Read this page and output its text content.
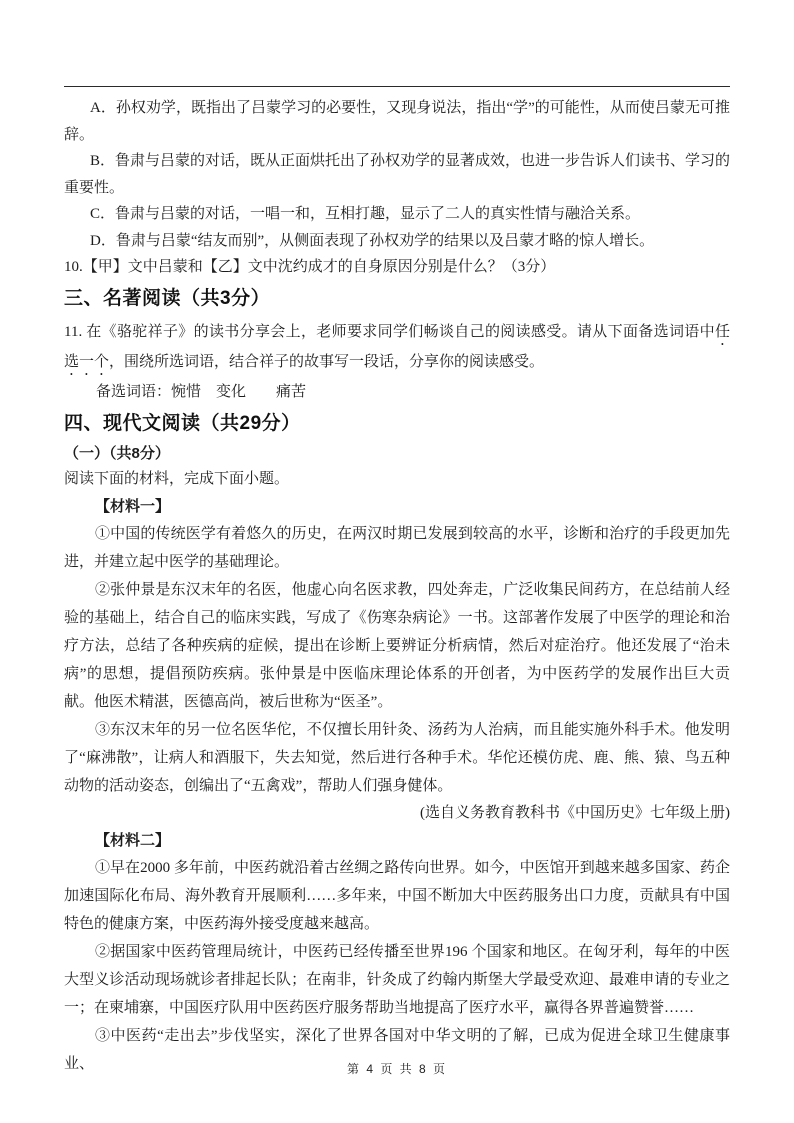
A．孙权劝学，既指出了吕蒙学习的必要性，又现身说法，指出“学”的可能性，从而使吕蒙无可推辞。

B．鲁肃与吕蒙的对话，既从正面烘托出了孙权劝学的显著成效，也进一步告诉人们读书、学习的重要性。

C．鲁肃与吕蒙的对话，一唱一和，互相打趣，显示了二人的真实性情与融洽关系。

D．鲁肃与吕蒙“结友而别”，从侧面表现了孙权劝学的结果以及吕蒙才略的惊人增长。

10.【甲】文中吕蒙和【乙】文中沈约成才的自身原因分别是什么？（3分）

三、名著阅读（共3分）

11. 在《骆驼祥子》的读书分享会上，老师要求同学们畅谈自己的阅读感受。请从下面备选词语中任选一个，围绕所选词语，结合祥子的故事写一段话，分享你的阅读感受。

备选词语：惋惜　变化　　痛苦

四、现代文阅读（共29分）

（一）（共8分）

阅读下面的材料，完成下面小题。

【材料一】

①中国的传统医学有着悠久的历史，在两汉时期已发展到较高的水平，诊断和治疗的手段更加先进，并建立起中医学的基础理论。

②张仲景是东汉末年的名医，他虚心向名医求教，四处奔走，广泛收集民间药方，在总结前人经验的基础上，结合自己的临床实践，写成了《伤寒杂病论》一书。这部著作发展了中医学的理论和治疗方法，总结了各种疾病的症候，提出在诊断上要辨证分析病情，然后对症治疗。他还发展了“治未病”的思想，提倡预防疾病。张仲景是中医临床理论体系的开创者，为中医药学的发展作出巨大贡献。他医术精湛，医德高尚，被后世称为“医圣”。

③东汉末年的另一位名医华佗，不仅擅长用针灸、汤药为人治病，而且能实施外科手术。他发明了“麻沸散”，让病人和酒服下，失去知觉，然后进行各种手术。华佗还模仿虎、鹿、熊、猿、鸟五种动物的活动姿态，创编出了“五禽戏”，帮助人们强身健体。

(选自义务教育教科书《中国历史》七年级上册)

【材料二】

①早在2000 多年前，中医药就沿着古丝绸之路传向世界。如今，中医馆开到越来越多国家、药企加速国际化布局、海外教育开展顺利……多年来，中国不断加大中医药服务出口力度，贡献具有中国特色的健康方案，中医药海外接受度越来越高。

②据国家中医药管理局统计，中医药已经传播至世界196 个国家和地区。在匈牙利，每年的中医大型义诊活动现场就诊者排起长队；在南非，针灸成了约翰内斯堡大学最受欢迎、最难申请的专业之一；在柬埔寨，中国医疗队用中医药医疗服务帮助当地提高了医疗水平，赢得各界普遍赞誉……

③中医药“走出去”步伐坚实，深化了世界各国对中华文明的了解，已成为促进全球卫生健康事业、	第 4 页 共 8 页
